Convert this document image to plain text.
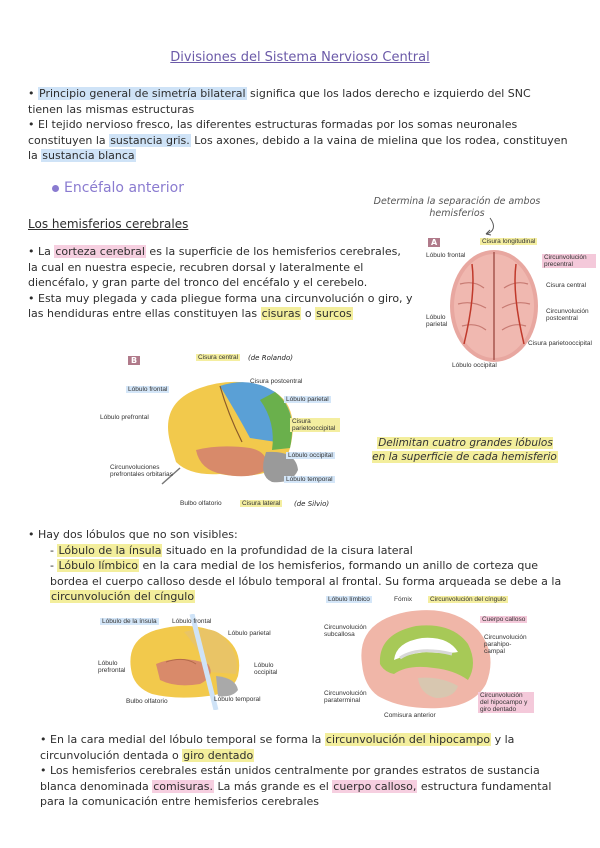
Divisiones del Sistema Nervioso Central
• Principio general de simetría bilateral significa que los lados derecho e izquierdo del SNC tienen las mismas estructuras
• El tejido nervioso fresco, las diferentes estructuras formadas por los somas neuronales constituyen la sustancia gris. Los axones, debido a la vaina de mielina que los rodea, constituyen la sustancia blanca
Encéfalo anterior
Determina la separación de ambos hemisferios
Los hemisferios cerebrales
• La corteza cerebral es la superficie de los hemisferios cerebrales, la cual en nuestra especie, recubren dorsal y lateralmente el diencéfalo, y gran parte del tronco del encéfalo y el cerebelo.
• Esta muy plegada y cada pliegue forma una circunvolución o giro, y las hendiduras entre ellas constituyen las cisuras o surcos
A	Cisura longitudinal
Lóbulo frontal	Circunvolución precentral
Cisura central
Lóbulo parietal
Circunvolución postcentral
Cisura parietooccipital
Lóbulo occipital
B	Cisura central (de Rolando)
Cisura postcentral
Lóbulo frontal
Lóbulo parietal
Lóbulo prefrontal
Cisura parietooccipital
Lóbulo occipital
Circunvoluciones prefrontales orbitarias
Lóbulo temporal
Bulbo olfatorio	Cisura lateral (de Silvio)
Delimitan cuatro grandes lóbulos en la superficie de cada hemisferio
• Hay dos lóbulos que no son visibles:
- Lóbulo de la ínsula situado en la profundidad de la cisura lateral
- Lóbulo límbico en la cara medial de los hemisferios, formando un anillo de corteza que bordea el cuerpo calloso desde el lóbulo temporal al frontal. Su forma arqueada se debe a la circunvolución del cíngulo
Lóbulo de la ínsula	Lóbulo frontal
Lóbulo parietal
Lóbulo prefrontal
Lóbulo occipital
Lóbulo temporal
Bulbo olfatorio
Lóbulo límbico	Fórnix	Circunvolución del cíngulo
Circunvolución subcallosa
Cuerpo calloso
Circunvolución parahipo-campal
Circunvolución paraterminal
Circunvolución del hipocampo y giro dentado
Comisura anterior
• En la cara medial del lóbulo temporal se forma la circunvolución del hipocampo y la circunvolución dentada o giro dentado
• Los hemisferios cerebrales están unidos centralmente por grandes estratos de sustancia blanca denominada comisuras. La más grande es el cuerpo calloso, estructura fundamental para la comunicación entre hemisferios cerebrales
